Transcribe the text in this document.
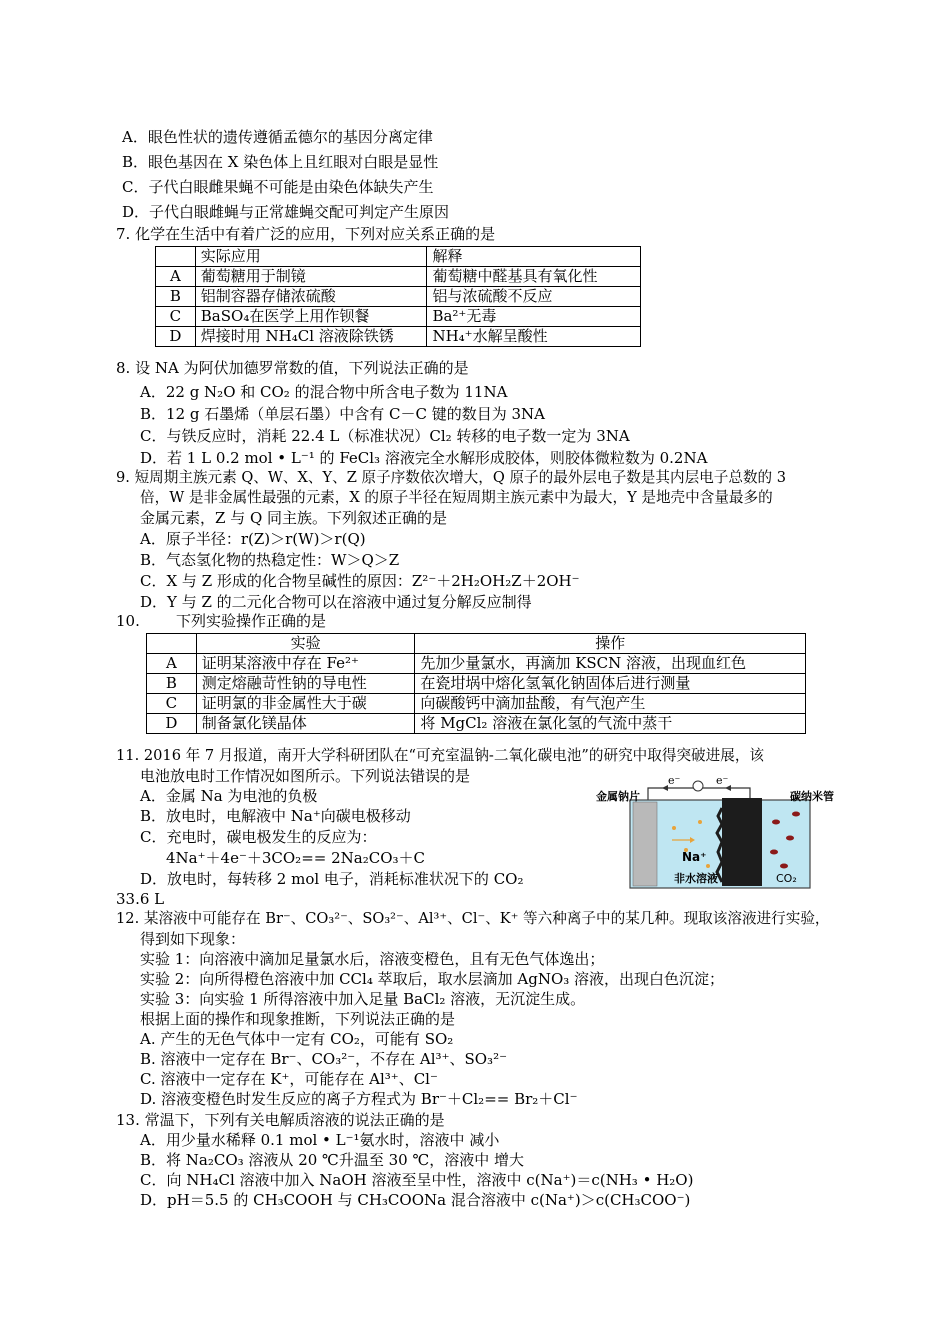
A．眼色性状的遗传遵循孟德尔的基因分离定律
B．眼色基因在 X 染色体上且红眼对白眼是显性
C．子代白眼雌果蝇不可能是由染色体缺失产生
D．子代白眼雌蝇与正常雄蝇交配可判定产生原因
7. 化学在生活中有着广泛的应用，下列对应关系正确的是
	实际应用	解释
A	葡萄糖用于制镜	葡萄糖中醛基具有氧化性
B	铝制容器存储浓硫酸	铝与浓硫酸不反应
C	BaSO₄在医学上用作钡餐	Ba²⁺无毒
D	焊接时用 NH₄Cl 溶液除铁锈	NH₄⁺水解呈酸性
8. 设 NA 为阿伏加德罗常数的值，下列说法正确的是
A．22 g N₂O 和 CO₂ 的混合物中所含电子数为 11NA
B．12 g 石墨烯（单层石墨）中含有 C－C 键的数目为 3NA
C．与铁反应时，消耗 22.4 L（标准状况）Cl₂ 转移的电子数一定为 3NA
D．若 1 L 0.2 mol • L⁻¹ 的 FeCl₃ 溶液完全水解形成胶体，则胶体微粒数为 0.2NA
9. 短周期主族元素 Q、W、X、Y、Z 原子序数依次增大，Q 原子的最外层电子数是其内层电子总数的 3
倍，W 是非金属性最强的元素，X 的原子半径在短周期主族元素中为最大，Y 是地壳中含量最多的
金属元素，Z 与 Q 同主族。下列叙述正确的是
A．原子半径：r(Z)＞r(W)＞r(Q)
B．气态氢化物的热稳定性：W＞Q＞Z
C．X 与 Z 形成的化合物呈碱性的原因：Z²⁻＋2H₂OH₂Z＋2OH⁻
D．Y 与 Z 的二元化合物可以在溶液中通过复分解反应制得
10. 下列实验操作正确的是
	实验	操作
A	证明某溶液中存在 Fe²⁺	先加少量氯水，再滴加 KSCN 溶液，出现血红色
B	测定熔融苛性钠的导电性	在瓷坩埚中熔化氢氧化钠固体后进行测量
C	证明氯的非金属性大于碳	向碳酸钙中滴加盐酸，有气泡产生
D	制备氯化镁晶体	将 MgCl₂ 溶液在氯化氢的气流中蒸干
11. 2016 年 7 月报道，南开大学科研团队在“可充室温钠-二氧化碳电池”的研究中取得突破进展，该
电池放电时工作情况如图所示。下列说法错误的是
A．金属 Na 为电池的负极
B．放电时，电解液中 Na⁺向碳电极移动
C．充电时，碳电极发生的反应为：
4Na⁺＋4e⁻＋3CO₂== 2Na₂CO₃＋C
D．放电时，每转移 2 mol 电子，消耗标准状况下的 CO₂
33.6 L
金属钠片	碳纳米管
e⁻	e⁻
Na⁺
非水溶液	CO₂
12. 某溶液中可能存在 Br⁻、CO₃²⁻、SO₃²⁻、Al³⁺、Cl⁻、K⁺ 等六种离子中的某几种。现取该溶液进行实验，
得到如下现象：
实验 1：向溶液中滴加足量氯水后，溶液变橙色，且有无色气体逸出；
实验 2：向所得橙色溶液中加 CCl₄ 萃取后，取水层滴加 AgNO₃ 溶液，出现白色沉淀；
实验 3：向实验 1 所得溶液中加入足量 BaCl₂ 溶液，无沉淀生成。
根据上面的操作和现象推断，下列说法正确的是
A. 产生的无色气体中一定有 CO₂，可能有 SO₂
B. 溶液中一定存在 Br⁻、CO₃²⁻，不存在 Al³⁺、SO₃²⁻
C. 溶液中一定存在 K⁺，可能存在 Al³⁺、Cl⁻
D. 溶液变橙色时发生反应的离子方程式为 Br⁻＋Cl₂== Br₂＋Cl⁻
13. 常温下，下列有关电解质溶液的说法正确的是
A．用少量水稀释 0.1 mol • L⁻¹氨水时，溶液中 减小
B．将 Na₂CO₃ 溶液从 20 ℃升温至 30 ℃，溶液中 增大
C．向 NH₄Cl 溶液中加入 NaOH 溶液至呈中性，溶液中 c(Na⁺)＝c(NH₃ • H₂O)
D．pH＝5.5 的 CH₃COOH 与 CH₃COONa 混合溶液中 c(Na⁺)＞c(CH₃COO⁻)
